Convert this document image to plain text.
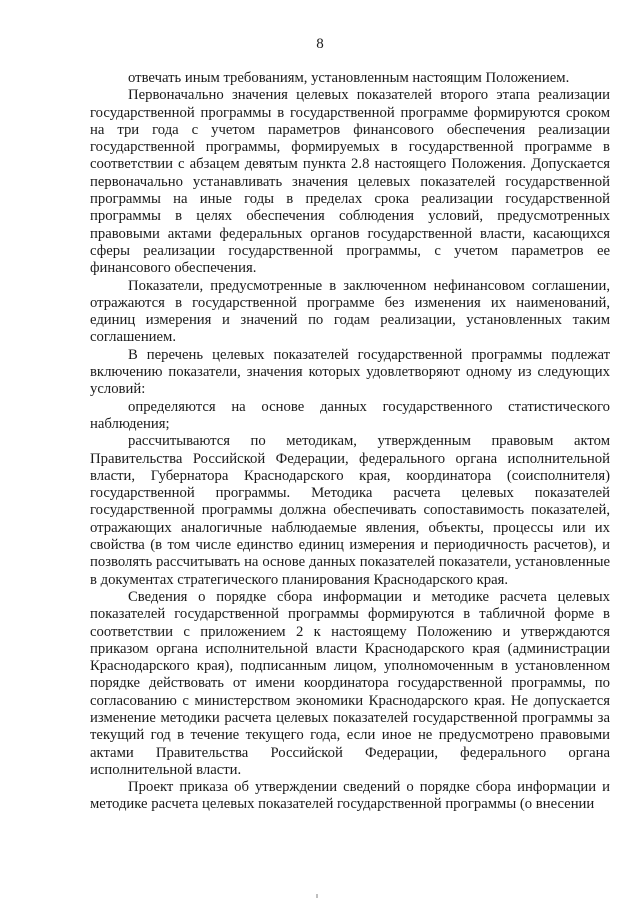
8

отвечать иным требованиям, установленным настоящим Положением.

Первоначально значения целевых показателей второго этапа реализации государственной программы в государственной программе формируются сроком на три года с учетом параметров финансового обеспечения реализации государственной программы, формируемых в государственной программе в соответствии с абзацем девятым пункта 2.8 настоящего Положения. Допускается первоначально устанавливать значения целевых показателей государственной программы на иные годы в пределах срока реализации государственной программы в целях обеспечения соблюдения условий, предусмотренных правовыми актами федеральных органов государственной власти, касающихся сферы реализации государственной программы, с учетом параметров ее финансового обеспечения.

Показатели, предусмотренные в заключенном нефинансовом соглашении, отражаются в государственной программе без изменения их наименований, единиц измерения и значений по годам реализации, установленных таким соглашением.

В перечень целевых показателей государственной программы подлежат включению показатели, значения которых удовлетворяют одному из следующих условий:

определяются на основе данных государственного статистического наблюдения;

рассчитываются по методикам, утвержденным правовым актом Правительства Российской Федерации, федерального органа исполнительной власти, Губернатора Краснодарского края, координатора (соисполнителя) государственной программы. Методика расчета целевых показателей государственной программы должна обеспечивать сопоставимость показателей, отражающих аналогичные наблюдаемые явления, объекты, процессы или их свойства (в том числе единство единиц измерения и периодичность расчетов), и позволять рассчитывать на основе данных показателей показатели, установленные в документах стратегического планирования Краснодарского края.

Сведения о порядке сбора информации и методике расчета целевых показателей государственной программы формируются в табличной форме в соответствии с приложением 2 к настоящему Положению и утверждаются приказом органа исполнительной власти Краснодарского края (администрации Краснодарского края), подписанным лицом, уполномоченным в установленном порядке действовать от имени координатора государственной программы, по согласованию с министерством экономики Краснодарского края. Не допускается изменение методики расчета целевых показателей государственной программы за текущий год в течение текущего года, если иное не предусмотрено правовыми актами Правительства Российской Федерации, федерального органа исполнительной власти.

Проект приказа об утверждении сведений о порядке сбора информации и методике расчета целевых показателей государственной программы (о внесении
